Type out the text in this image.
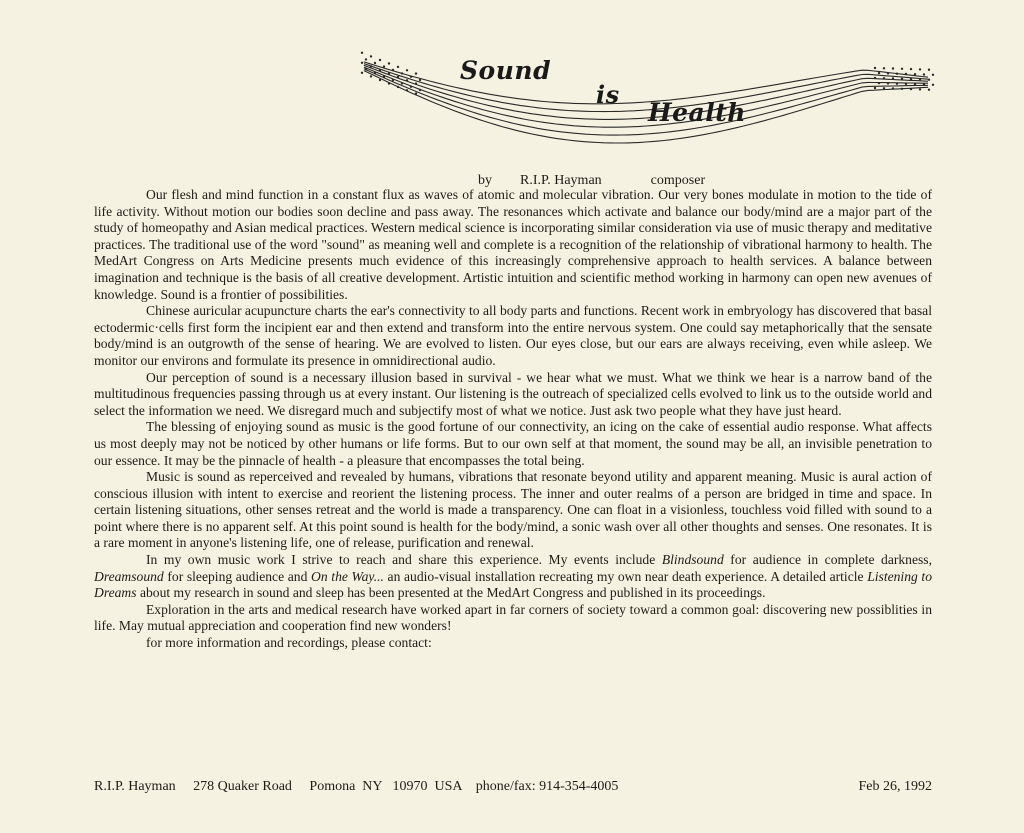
Sound
is
Health
by R.I.P. Hayman	composer

Our flesh and mind function in a constant flux as waves of atomic and molecular vibration. Our very bones modulate in motion to the tide of life activity. Without motion our bodies soon decline and pass away. The resonances which activate and balance our body/mind are a major part of the study of homeopathy and Asian medical practices. Western medical science is incorporating similar consideration via use of music therapy and meditative practices. The traditional use of the word "sound" as meaning well and complete is a recognition of the relationship of vibrational harmony to health. The MedArt Congress on Arts Medicine presents much evidence of this increasingly comprehensive approach to health services. A balance between imagination and technique is the basis of all creative development. Artistic intuition and scientific method working in harmony can open new avenues of knowledge. Sound is a frontier of possibilities.

Chinese auricular acupuncture charts the ear's connectivity to all body parts and functions. Recent work in embryology has discovered that basal ectodermic·cells first form the incipient ear and then extend and transform into the entire nervous system. One could say metaphorically that the sensate body/mind is an outgrowth of the sense of hearing. We are evolved to listen. Our eyes close, but our ears are always receiving, even while asleep. We monitor our environs and formulate its presence in omnidirectional audio.

Our perception of sound is a necessary illusion based in survival - we hear what we must. What we think we hear is a narrow band of the multitudinous frequencies passing through us at every instant. Our listening is the outreach of specialized cells evolved to link us to the outside world and select the information we need. We disregard much and subjectify most of what we notice. Just ask two people what they have just heard.

The blessing of enjoying sound as music is the good fortune of our connectivity, an icing on the cake of essential audio response. What affects us most deeply may not be noticed by other humans or life forms. But to our own self at that moment, the sound may be all, an invisible penetration to our essence. It may be the pinnacle of health - a pleasure that encompasses the total being.

Music is sound as reperceived and revealed by humans, vibrations that resonate beyond utility and apparent meaning. Music is aural action of conscious illusion with intent to exercise and reorient the listening process. The inner and outer realms of a person are bridged in time and space. In certain listening situations, other senses retreat and the world is made a transparency. One can float in a visionless, touchless void filled with sound to a point where there is no apparent self. At this point sound is health for the body/mind, a sonic wash over all other thoughts and senses. One resonates. It is a rare moment in anyone's listening life, one of release, purification and renewal.

In my own music work I strive to reach and share this experience. My events include Blindsound for audience in complete darkness, Dreamsound for sleeping audience and On the Way... an audio-visual installation recreating my own near death experience. A detailed article Listening to Dreams about my research in sound and sleep has been presented at the MedArt Congress and published in its proceedings.

Exploration in the arts and medical research have worked apart in far corners of society toward a common goal: discovering new possiblities in life. May mutual appreciation and cooperation find new wonders!

for more information and recordings, please contact:

R.I.P. Hayman     278 Quaker Road     Pomona  NY   10970  USA    phone/fax: 914-354-4005	Feb 26, 1992
